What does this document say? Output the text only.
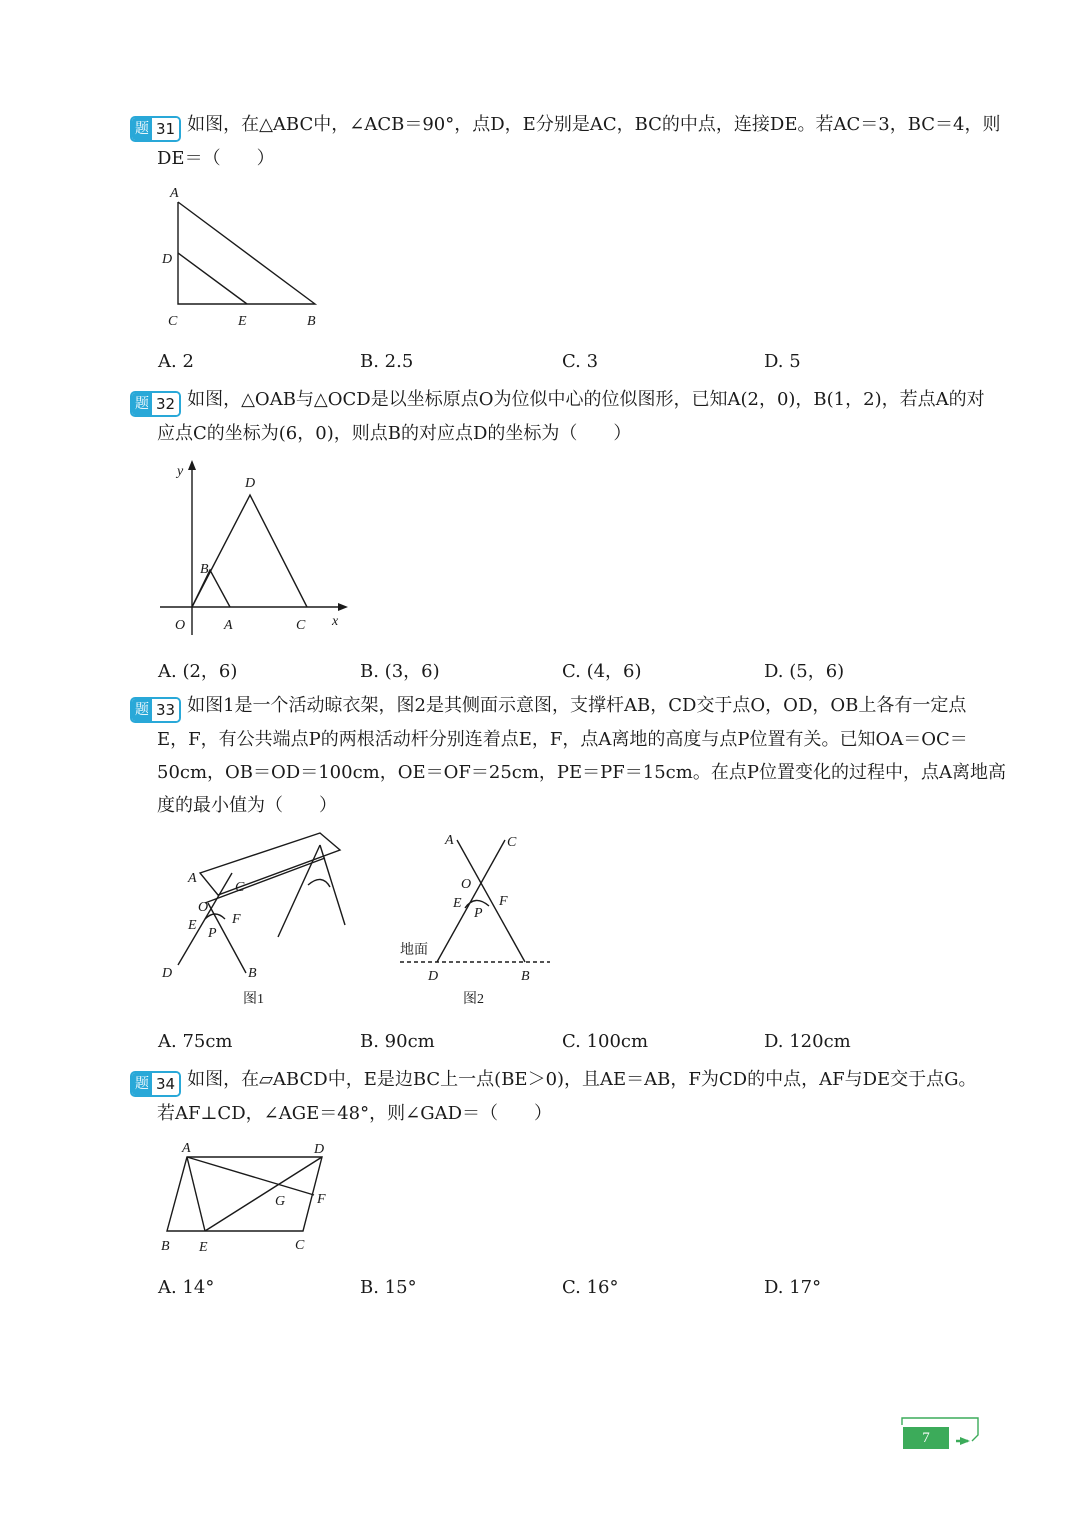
题 31 如图，在△ABC中，∠ACB＝90°，点D，E分别是AC，BC的中点，连接DE。若AC＝3，BC＝4，则
DE＝（　　）
A
D
C	E	B
A. 2	B. 2.5	C. 3	D. 5
题 32 如图，△OAB与△OCD是以坐标原点O为位似中心的位似图形，已知A(2，0)，B(1，2)，若点A的对
应点C的坐标为(6，0)，则点B的对应点D的坐标为（　　）
y
x
O	A
B
C
D
A. (2，6)	B. (3，6)	C. (4，6)	D. (5，6)
题 33 如图1是一个活动晾衣架，图2是其侧面示意图，支撑杆AB，CD交于点O，OD，OB上各有一定点
E，F，有公共端点P的两根活动杆分别连着点E，F，点A离地的高度与点P位置有关。已知OA＝OC＝
50cm，OB＝OD＝100cm，OE＝OF＝25cm，PE＝PF＝15cm。在点P位置变化的过程中，点A离地高
度的最小值为（　　）
A
C
O
E	F
P
D	B
图1
A	C
O
E	F
P
地面
D	B
图2
A. 75cm	B. 90cm	C. 100cm	D. 120cm
题 34 如图，在▱ABCD中，E是边BC上一点(BE＞0)，且AE＝AB，F为CD的中点，AF与DE交于点G。
若AF⊥CD，∠AGE＝48°，则∠GAD＝（　　）
A	D
G F
B E	C
A. 14°	B. 15°	C. 16°	D. 17°
7
